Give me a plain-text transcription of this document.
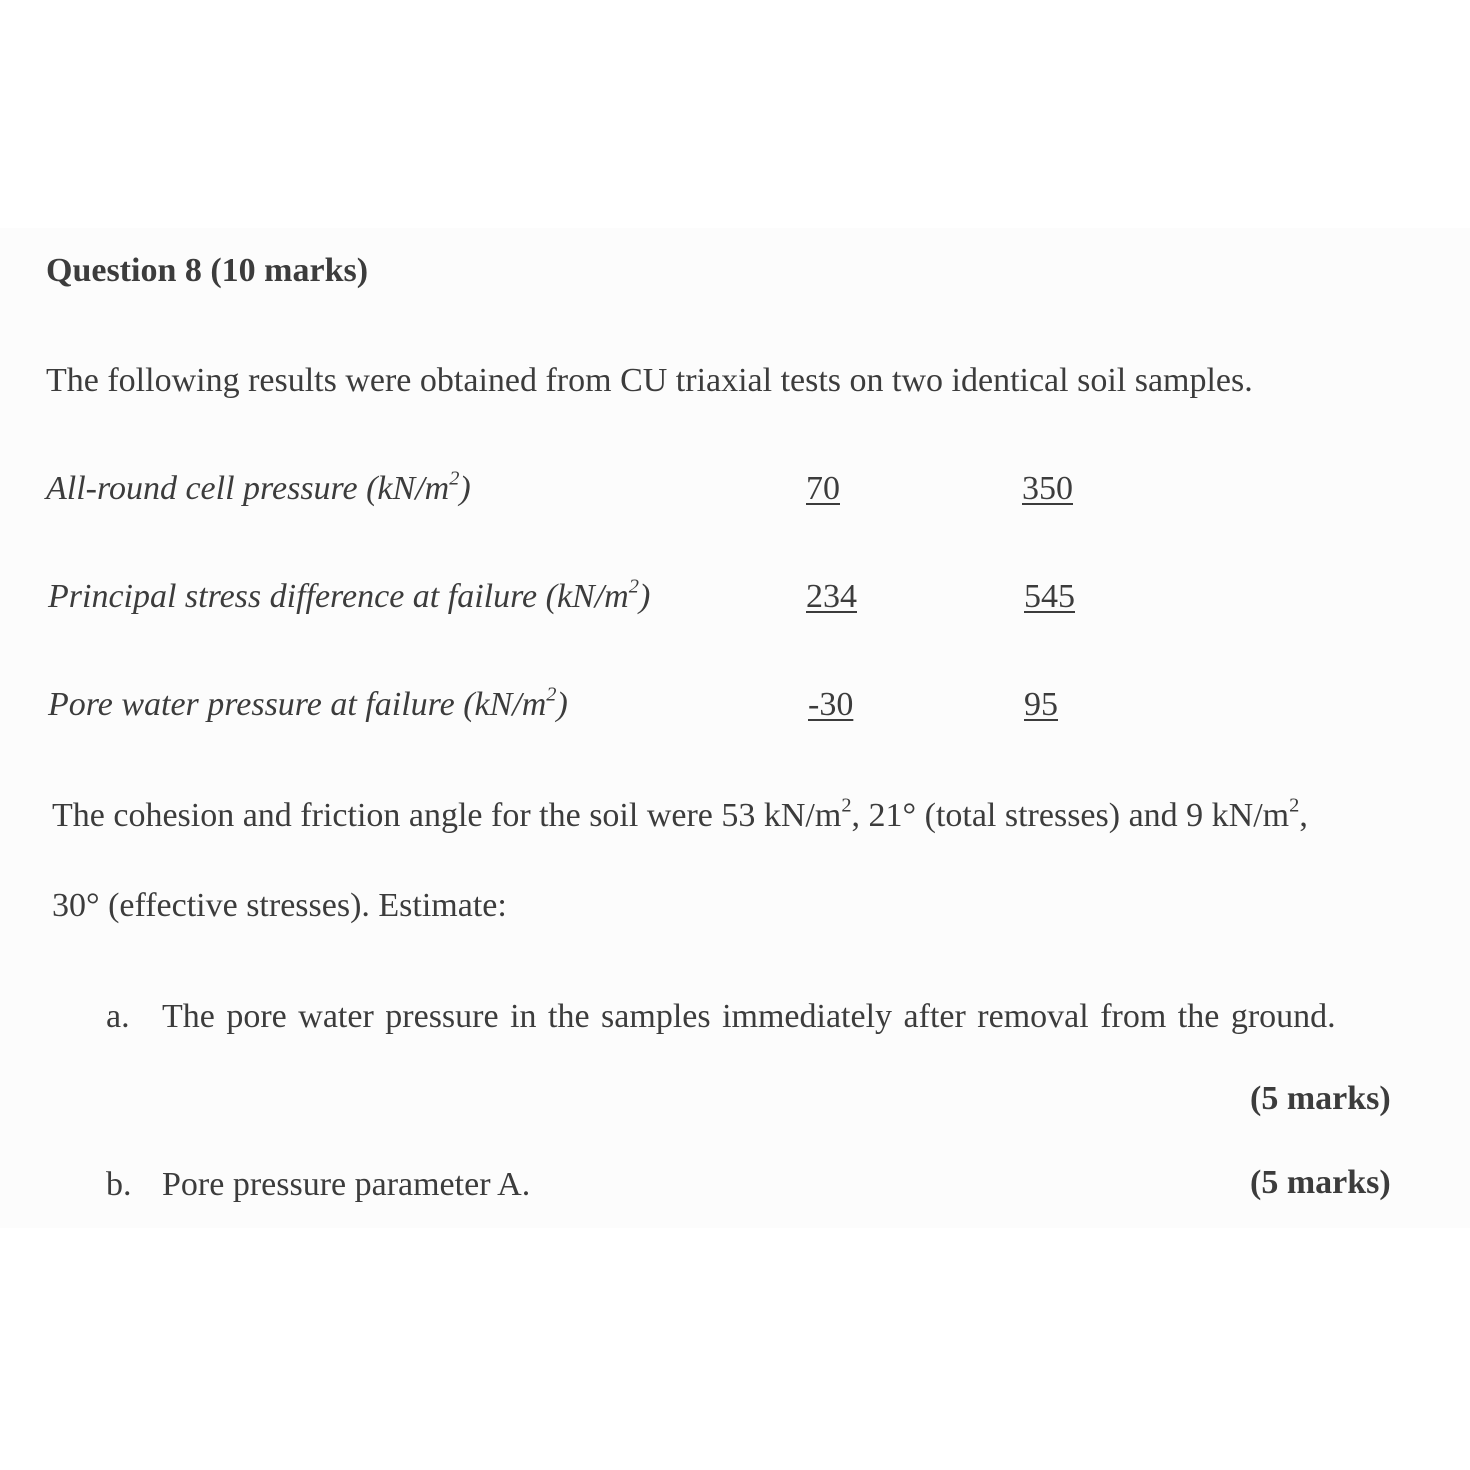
Question 8 (10 marks)
The following results were obtained from CU triaxial tests on two identical soil samples.
All-round cell pressure $(kN/m^2)$	70	350
Principal stress difference at failure $(kN/m^2)$	234	545
Pore water pressure at failure $(kN/m^2)$	-30	95
The cohesion and friction angle for the soil were 53 $kN/m^2$, 21° (total stresses) and 9 $kN/m^2$,
30° (effective stresses). Estimate:
a. The pore water pressure in the samples immediately after removal from the ground.
(5 marks)
b. Pore pressure parameter A.	(5 marks)
